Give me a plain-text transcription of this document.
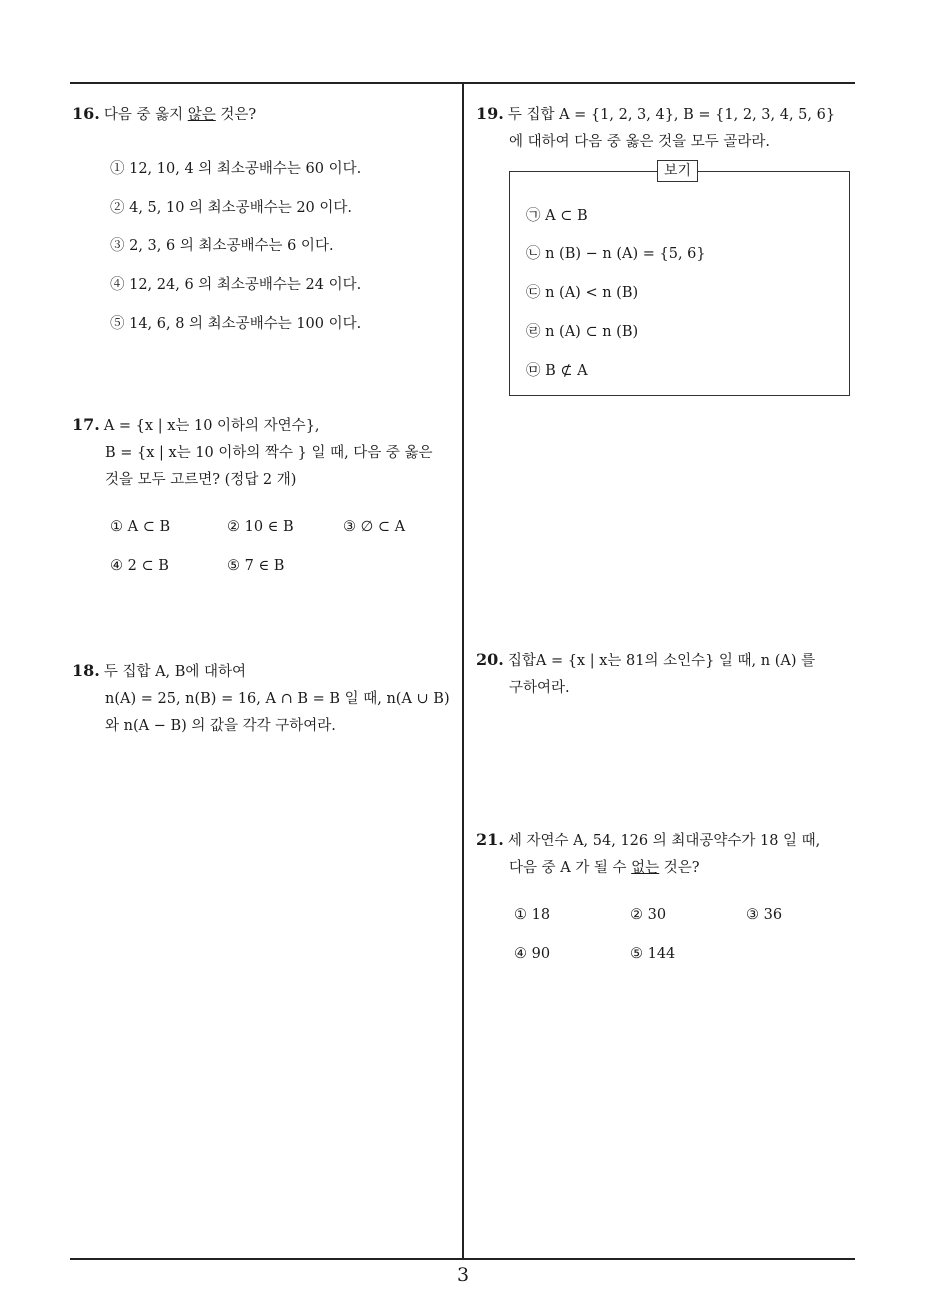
3
16. 다음 중 옳지 않은 것은?
① 12, 10, 4 의 최소공배수는 60 이다.
② 4, 5, 10 의 최소공배수는 20 이다.
③ 2, 3, 6 의 최소공배수는 6 이다.
④ 12, 24, 6 의 최소공배수는 24 이다.
⑤ 14, 6, 8 의 최소공배수는 100 이다.
17. A = {x | x는 10 이하의 자연수},
B = {x | x는 10 이하의 짝수 } 일 때, 다음 중 옳은
것을 모두 고르면? (정답 2 개)
① A ⊂ B	② 10 ∈ B	③ ∅ ⊂ A
④ 2 ⊂ B	⑤ 7 ∈ B
18. 두 집합 A, B에 대하여
n(A) = 25, n(B) = 16, A ∩ B = B 일 때, n(A ∪ B)
와 n(A − B) 의 값을 각각 구하여라.
19. 두 집합 A = {1, 2, 3, 4}, B = {1, 2, 3, 4, 5, 6}
에 대하여 다음 중 옳은 것을 모두 골라라.
보기
㉠ A ⊂ B
㉡ n (B) − n (A) = {5, 6}
㉢ n (A) < n (B)
㉣ n (A) ⊂ n (B)
㉤ B ⊄ A
20. 집합A = {x | x는 81의 소인수} 일 때, n (A) 를
구하여라.
21. 세 자연수 A, 54, 126 의 최대공약수가 18 일 때,
다음 중 A 가 될 수 없는 것은?
① 18	② 30	③ 36
④ 90	⑤ 144
